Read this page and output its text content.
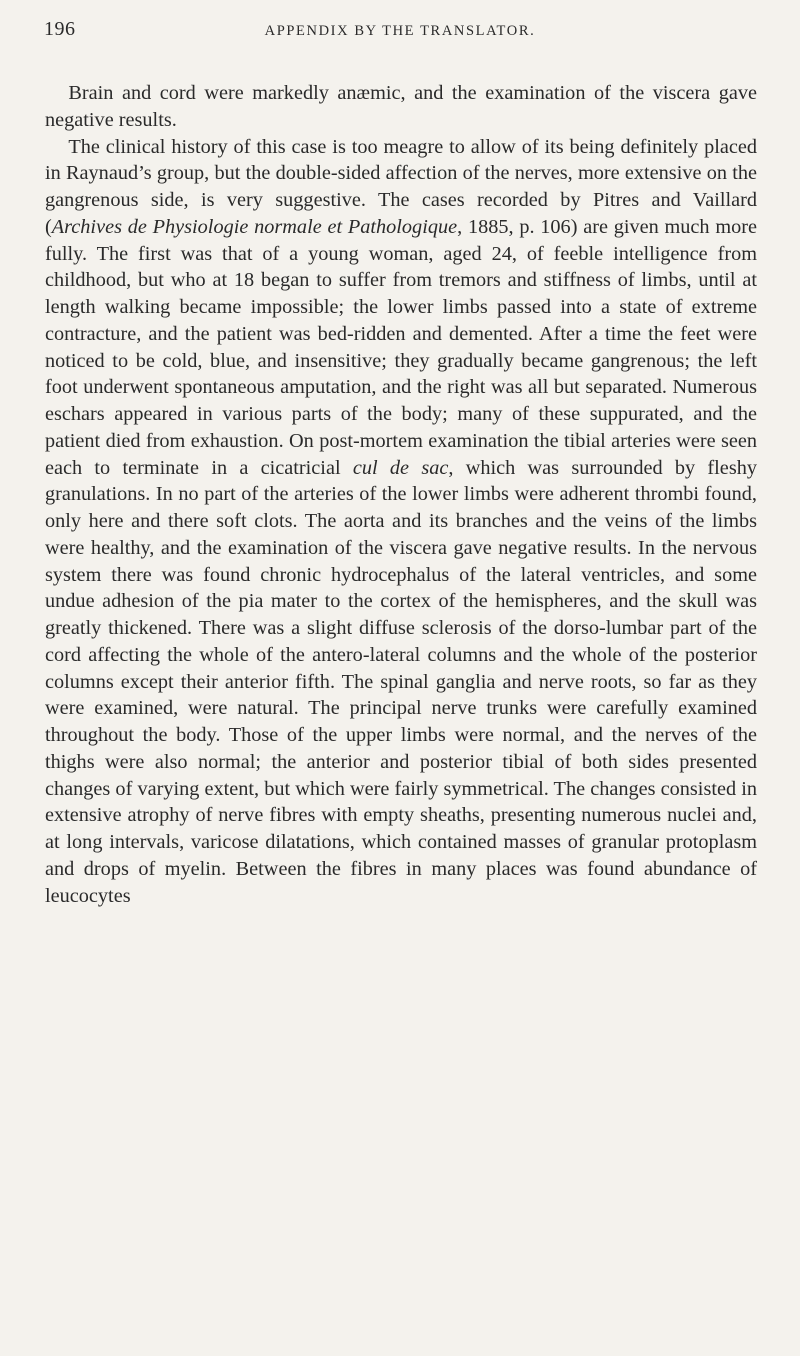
196	APPENDIX BY THE TRANSLATOR.

Brain and cord were markedly anæmic, and the examination of the viscera gave negative results.

The clinical history of this case is too meagre to allow of its being definitely placed in Raynaud’s group, but the double-sided affection of the nerves, more extensive on the gangrenous side, is very suggestive. The cases recorded by Pitres and Vaillard (Archives de Physiologie normale et Pathologique, 1885, p. 106) are given much more fully. The first was that of a young woman, aged 24, of feeble intelligence from childhood, but who at 18 began to suffer from tremors and stiffness of limbs, until at length walking became impossible; the lower limbs passed into a state of extreme contracture, and the patient was bed-ridden and demented. After a time the feet were noticed to be cold, blue, and insensitive; they gradually became gangrenous; the left foot underwent spontaneous amputation, and the right was all but separated. Numerous eschars appeared in various parts of the body; many of these suppurated, and the patient died from exhaustion. On post-mortem examination the tibial arteries were seen each to terminate in a cicatricial cul de sac, which was surrounded by fleshy granulations. In no part of the arteries of the lower limbs were adherent thrombi found, only here and there soft clots. The aorta and its branches and the veins of the limbs were healthy, and the examination of the viscera gave negative results. In the nervous system there was found chronic hydrocephalus of the lateral ventricles, and some undue adhesion of the pia mater to the cortex of the hemispheres, and the skull was greatly thickened. There was a slight diffuse sclerosis of the dorso-lumbar part of the cord affecting the whole of the antero-lateral columns and the whole of the posterior columns except their anterior fifth. The spinal ganglia and nerve roots, so far as they were examined, were natural. The principal nerve trunks were carefully examined throughout the body. Those of the upper limbs were normal, and the nerves of the thighs were also normal; the anterior and posterior tibial of both sides presented changes of varying extent, but which were fairly symmetrical. The changes consisted in extensive atrophy of nerve fibres with empty sheaths, presenting numerous nuclei and, at long intervals, varicose dilatations, which contained masses of granular protoplasm and drops of myelin. Between the fibres in many places was found abundance of leucocytes
